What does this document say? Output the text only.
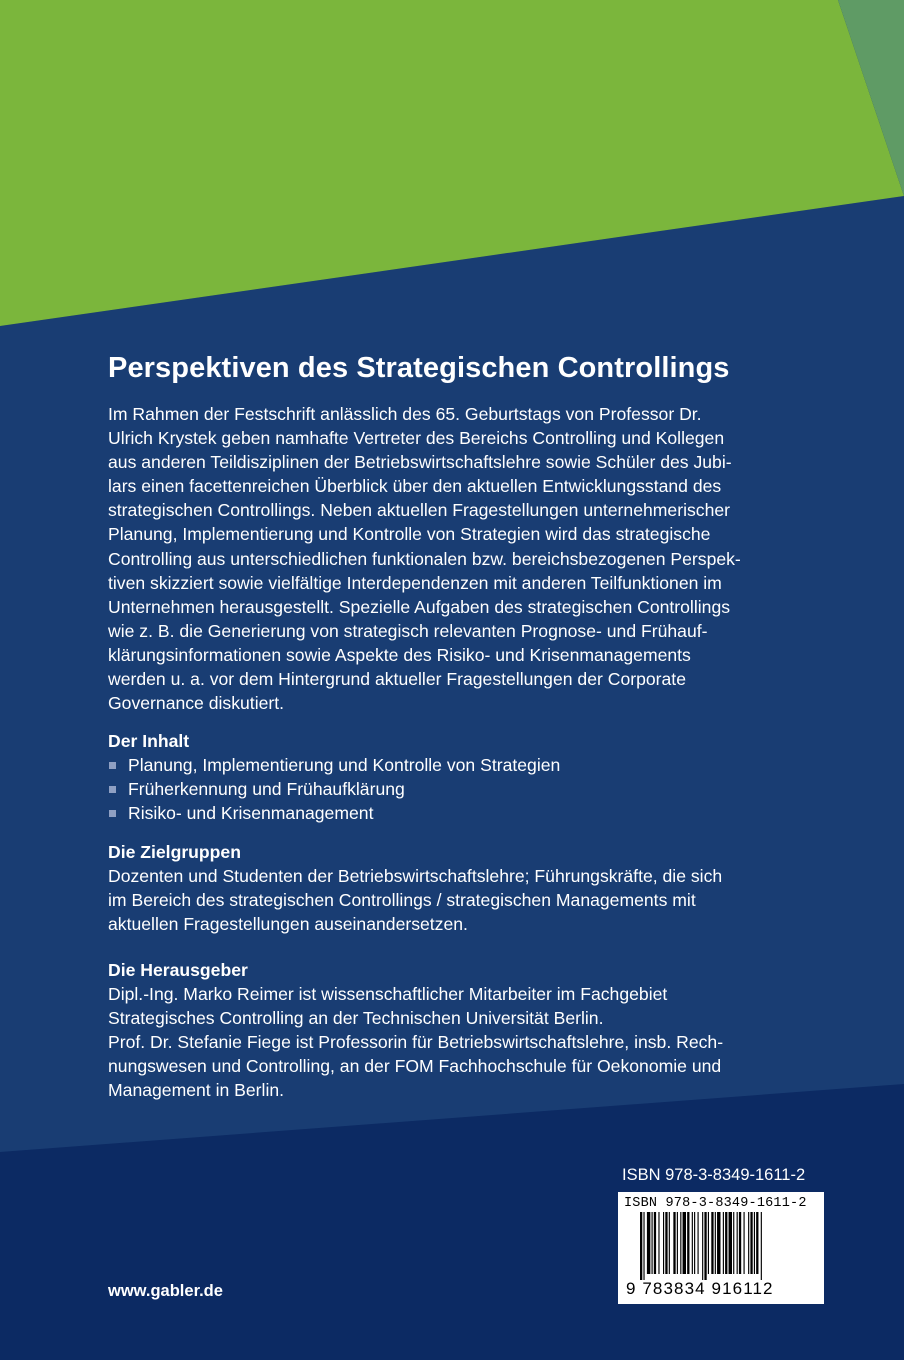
Perspektiven des Strategischen Controllings

Im Rahmen der Festschrift anlässlich des 65. Geburtstags von Professor Dr.
Ulrich Krystek geben namhafte Vertreter des Bereichs Controlling und Kollegen
aus anderen Teildisziplinen der Betriebswirtschaftslehre sowie Schüler des Jubi-
lars einen facettenreichen Überblick über den aktuellen Entwicklungsstand des
strategischen Controllings. Neben aktuellen Fragestellungen unternehmerischer
Planung, Implementierung und Kontrolle von Strategien wird das strategische
Controlling aus unterschiedlichen funktionalen bzw. bereichsbezogenen Perspek-
tiven skizziert sowie vielfältige Interdependenzen mit anderen Teilfunktionen im
Unternehmen herausgestellt. Spezielle Aufgaben des strategischen Controllings
wie z. B. die Generierung von strategisch relevanten Prognose- und Frühauf-
klärungsinformationen sowie Aspekte des Risiko- und Krisenmanagements
werden u. a. vor dem Hintergrund aktueller Fragestellungen der Corporate
Governance diskutiert.

Der Inhalt
Planung, Implementierung und Kontrolle von Strategien
Früherkennung und Frühaufklärung
Risiko- und Krisenmanagement
Die Zielgruppen

Dozenten und Studenten der Betriebswirtschaftslehre; Führungskräfte, die sich
im Bereich des strategischen Controllings / strategischen Managements mit
aktuellen Fragestellungen auseinandersetzen.

Die Herausgeber

Dipl.-Ing. Marko Reimer ist wissenschaftlicher Mitarbeiter im Fachgebiet
Strategisches Controlling an der Technischen Universität Berlin.
Prof. Dr. Stefanie Fiege ist Professorin für Betriebswirtschaftslehre, insb. Rech-
nungswesen und Controlling, an der FOM Fachhochschule für Oekonomie und
Management in Berlin.

ISBN 978-3-8349-1611-2
ISBN 978-3-8349-1611-2
9 783834 916112
www.gabler.de
